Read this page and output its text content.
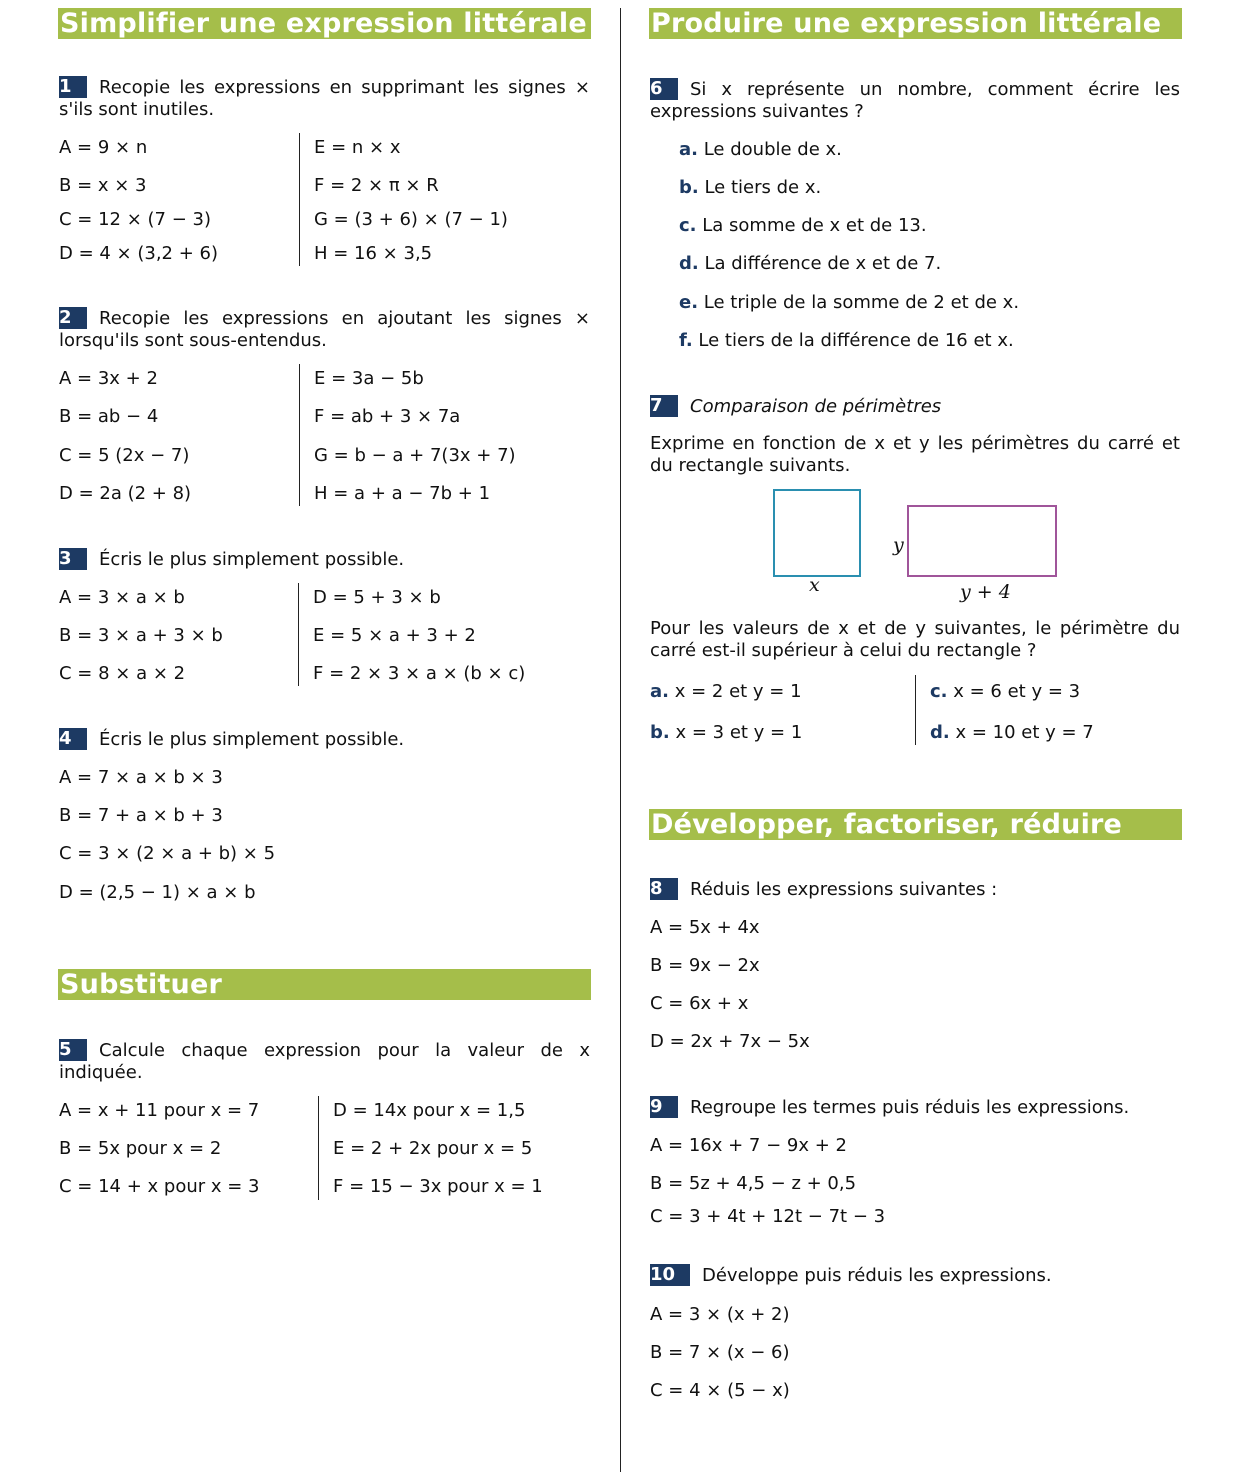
Simplifier une expression littérale
1 Recopie les expressions en supprimant les signes × s'ils sont inutiles.
A = 9 × n
B = x × 3
C = 12 × (7 − 3)
D = 4 × (3,2 + 6)
E = n × x
F = 2 × π × R
G = (3 + 6) × (7 − 1)
H = 16 × 3,5
2 Recopie les expressions en ajoutant les signes × lorsqu'ils sont sous-entendus.
A = 3x + 2
B = ab − 4
C = 5 (2x − 7)
D = 2a (2 + 8)
E = 3a − 5b
F = ab + 3 × 7a
G = b − a + 7(3x + 7)
H = a + a − 7b + 1
3 Écris le plus simplement possible.
A = 3 × a × b
B = 3 × a + 3 × b
C = 8 × a × 2
D = 5 + 3 × b
E = 5 × a + 3 + 2
F = 2 × 3 × a × (b × c)
4 Écris le plus simplement possible.
A = 7 × a × b × 3
B = 7 + a × b + 3
C = 3 × (2 × a + b) × 5
D = (2,5 − 1) × a × b
Substituer
5 Calcule chaque expression pour la valeur de x indiquée.
A = x + 11 pour x = 7
B = 5x pour x = 2
C = 14 + x pour x = 3
D = 14x pour x = 1,5
E = 2 + 2x pour x = 5
F = 15 − 3x pour x = 1
Produire une expression littérale
6 Si x représente un nombre, comment écrire les expressions suivantes ?
a. Le double de x.
b. Le tiers de x.
c. La somme de x et de 13.
d. La différence de x et de 7.
e. Le triple de la somme de 2 et de x.
f. Le tiers de la différence de 16 et x.
7 Comparaison de périmètres
Exprime en fonction de x et y les périmètres du carré et du rectangle suivants.
x
y
y + 4
Pour les valeurs de x et de y suivantes, le périmètre du carré est-il supérieur à celui du rectangle ?
a. x = 2 et y = 1
b. x = 3 et y = 1
c. x = 6 et y = 3
d. x = 10 et y = 7
Développer, factoriser, réduire
8 Réduis les expressions suivantes :
A = 5x + 4x
B = 9x − 2x
C = 6x + x
D = 2x + 7x − 5x
9 Regroupe les termes puis réduis les expressions.
A = 16x + 7 − 9x + 2
B = 5z + 4,5 − z + 0,5
C = 3 + 4t + 12t − 7t − 3
10 Développe puis réduis les expressions.
A = 3 × (x + 2)
B = 7 × (x − 6)
C = 4 × (5 − x)
